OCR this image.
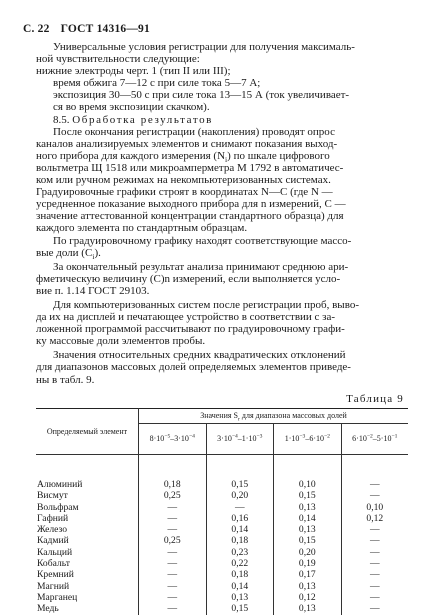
С. 22 ГОСТ 14316—91
Универсальные условия регистрации для получения максималь-
ной чувствительности следующие:
нижние электроды черт. 1 (тип II или III);
время обжига 7—12 с при силе тока 5—7 А;
экспозиция 30—50 с при силе тока 13—15 А (ток увеличивает-
ся во время экспозиции скачком).
8.5. Обработка результатов
После окончания регистрации (накопления) проводят опрос
каналов анализируемых элементов и снимают показания выход-
ного прибора для каждого измерения $(N_i)$ по шкале цифрового
вольтметра Щ 1518 или микроамперметра М 1792 в автоматичес-
ком или ручном режимах на некомпьютеризованных системах.
Градуировочные графики строят в координатах N—C (где N —
усредненное показание выходного прибора для n измерений, C —
значение аттестованной концентрации стандартного образца) для
каждого элемента по стандартным образцам.
По градуировочному графику находят соответствующие массо-
вые доли $(C_i)$.
За окончательный результат анализа принимают среднюю ари-
фметическую величину (C)n измерений, если выполняется усло-
вие п. 1.14 ГОСТ 29103.
Для компьютеризованных систем после регистрации проб, выво-
да их на дисплей и печатающее устройство в соответствии с за-
ложенной программой рассчитывают по градуировочному графи-
ку массовые доли элементов пробы.
Значения относительных средних квадратических отклонений
для диапазонов массовых долей определяемых элементов приведе-
ны в табл. 9.
Таблица 9
Определяемый элемент	Значения $S_r$ для диапазона массовых долей			
	$8\cdot 10^{-5}-3\cdot 10^{-4}$	$3\cdot 10^{-4}-1\cdot 10^{-3}$	$1\cdot 10^{-3}-6\cdot 10^{-2}$	$6\cdot 10^{-2}-5\cdot 10^{-1}$
Алюминий	0,18	0,15	0,10	—
Висмут	0,25	0,20	0,15	—
Вольфрам	—	—	0,13	0,10
Гафний	—	0,16	0,14	0,12
Железо	—	0,14	0,13	—
Кадмий	0,25	0,18	0,15	—
Кальций	—	0,23	0,20	—
Кобальт	—	0,22	0,19	—
Кремний	—	0,18	0,17	—
Магний	—	0,14	0,13	—
Марганец	—	0,13	0,12	—
Медь	—	0,15	0,13	—
